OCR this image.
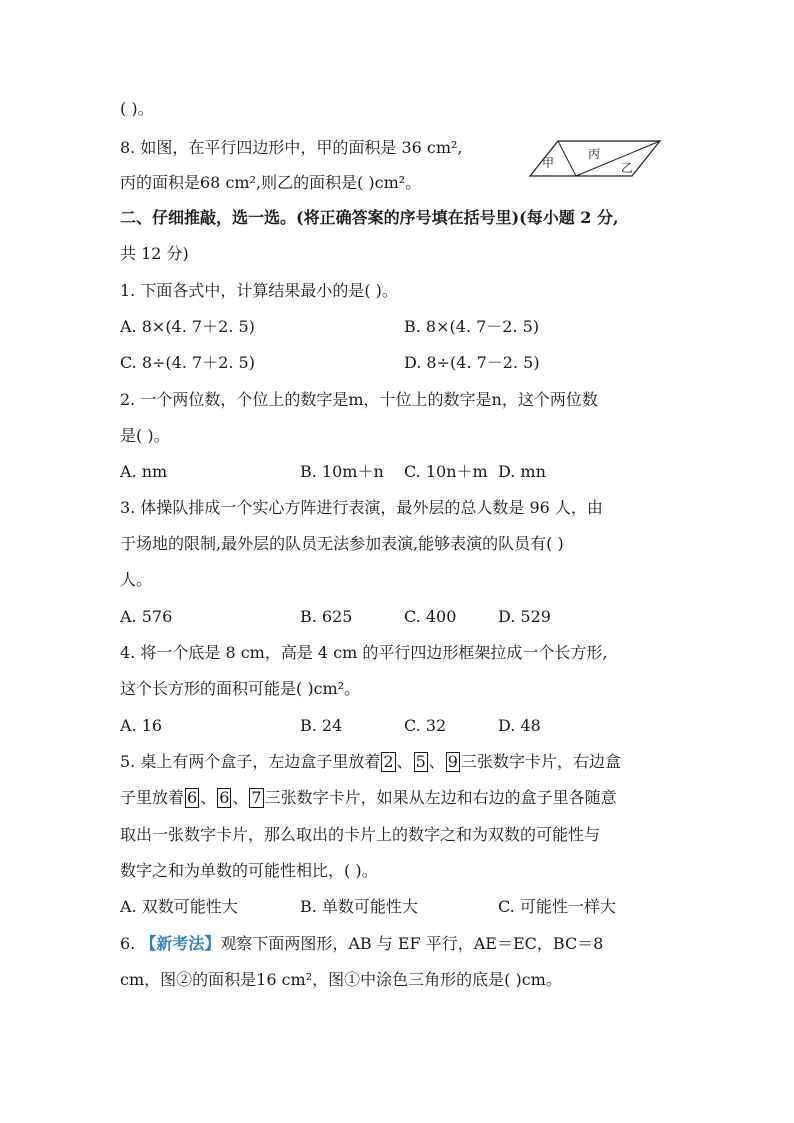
( )。
8. 如图，在平行四边形中，甲的面积是 36 cm²,
丙的面积是68 cm²,则乙的面积是( )cm²。
甲
丙
乙
二、仔细推敲，选一选。(将正确答案的序号填在括号里)(每小题 2 分,
共 12 分)
1. 下面各式中，计算结果最小的是( )。
A. 8×(4. 7＋2. 5)	B. 8×(4. 7－2. 5)
C. 8÷(4. 7＋2. 5)	D. 8÷(4. 7－2. 5)
2. 一个两位数，个位上的数字是m，十位上的数字是n，这个两位数
是( )。
A. nm	B. 10m＋n C. 10n＋m D. mn
3. 体操队排成一个实心方阵进行表演，最外层的总人数是 96 人，由
于场地的限制,最外层的队员无法参加表演,能够表演的队员有( )
人。
A. 576	B. 625	C. 400	D. 529
4. 将一个底是 8 cm，高是 4 cm 的平行四边形框架拉成一个长方形,
这个长方形的面积可能是( )cm²。
A. 16	B. 24	C. 32	D. 48
5. 桌上有两个盒子，左边盒子里放着 2 、 5 、 9 三张数字卡片，右边盒
子里放着 6 、 6 、 7 三张数字卡片，如果从左边和右边的盒子里各随意
取出一张数字卡片，那么取出的卡片上的数字之和为双数的可能性与
数字之和为单数的可能性相比，( )。
A. 双数可能性大	B. 单数可能性大	C. 可能性一样大
6. 【新考法】观察下面两图形，AB 与 EF 平行，AE＝EC，BC＝8
cm，图②的面积是16 cm²，图①中涂色三角形的底是( )cm。
